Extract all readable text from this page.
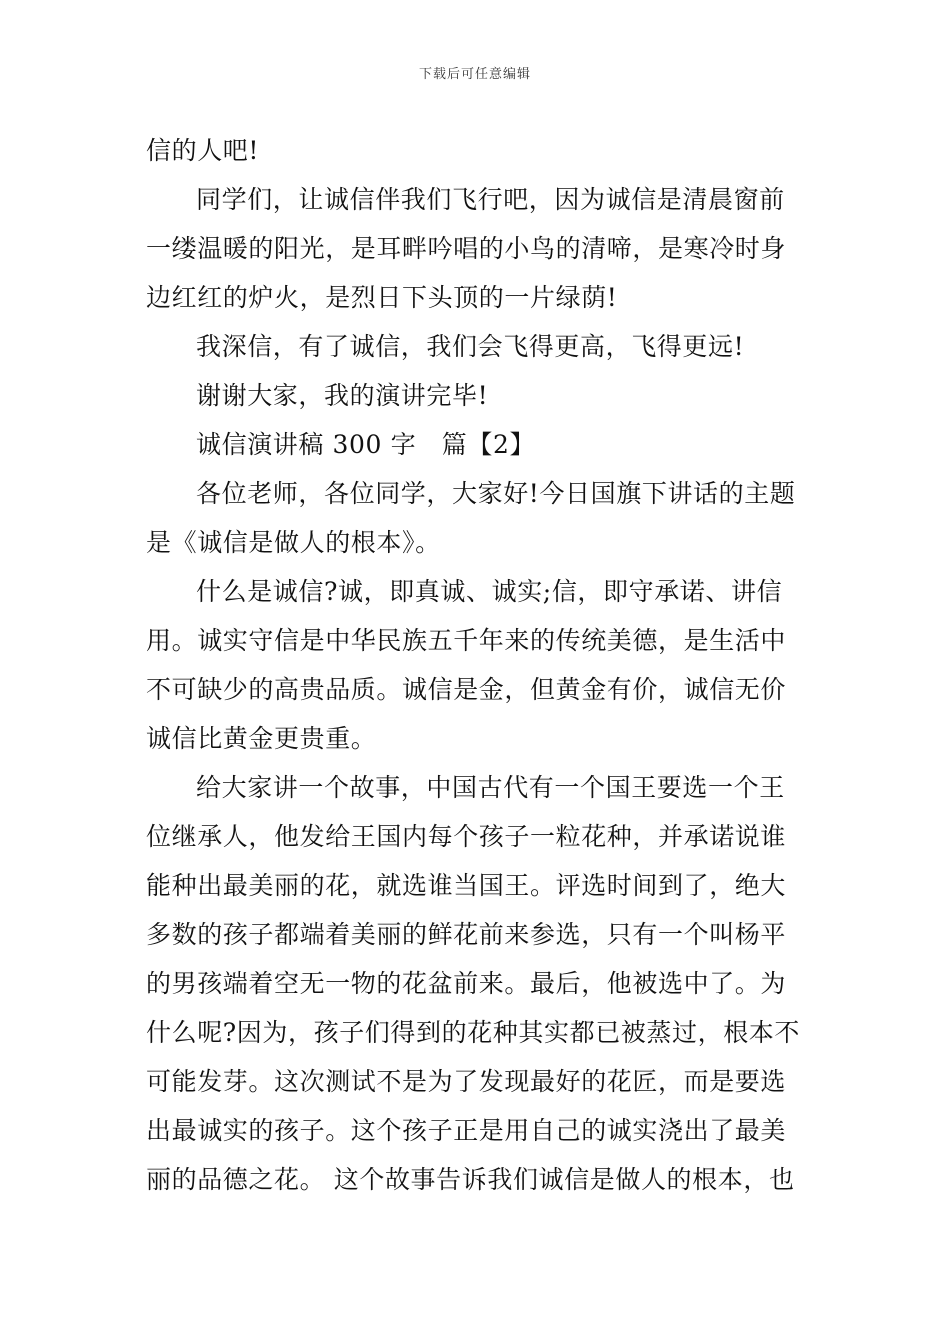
下载后可任意编辑
信的人吧!
同学们，让诚信伴我们飞行吧，因为诚信是清晨窗前
一缕温暖的阳光，是耳畔吟唱的小鸟的清啼，是寒冷时身
边红红的炉火，是烈日下头顶的一片绿荫!
我深信，有了诚信，我们会飞得更高，飞得更远!
谢谢大家，我的演讲完毕!
诚信演讲稿 300 字　篇【2】
各位老师，各位同学，大家好!今日国旗下讲话的主题
是《诚信是做人的根本》。
什么是诚信?诚，即真诚、诚实;信，即守承诺、讲信
用。诚实守信是中华民族五千年来的传统美德，是生活中
不可缺少的高贵品质。诚信是金，但黄金有价，诚信无价
诚信比黄金更贵重。
给大家讲一个故事，中国古代有一个国王要选一个王
位继承人，他发给王国内每个孩子一粒花种，并承诺说谁
能种出最美丽的花，就选谁当国王。评选时间到了，绝大
多数的孩子都端着美丽的鲜花前来参选，只有一个叫杨平
的男孩端着空无一物的花盆前来。最后，他被选中了。为
什么呢?因为，孩子们得到的花种其实都已被蒸过，根本不
可能发芽。这次测试不是为了发现最好的花匠，而是要选
出最诚实的孩子。这个孩子正是用自己的诚实浇出了最美
丽的品德之花。 这个故事告诉我们诚信是做人的根本，也
